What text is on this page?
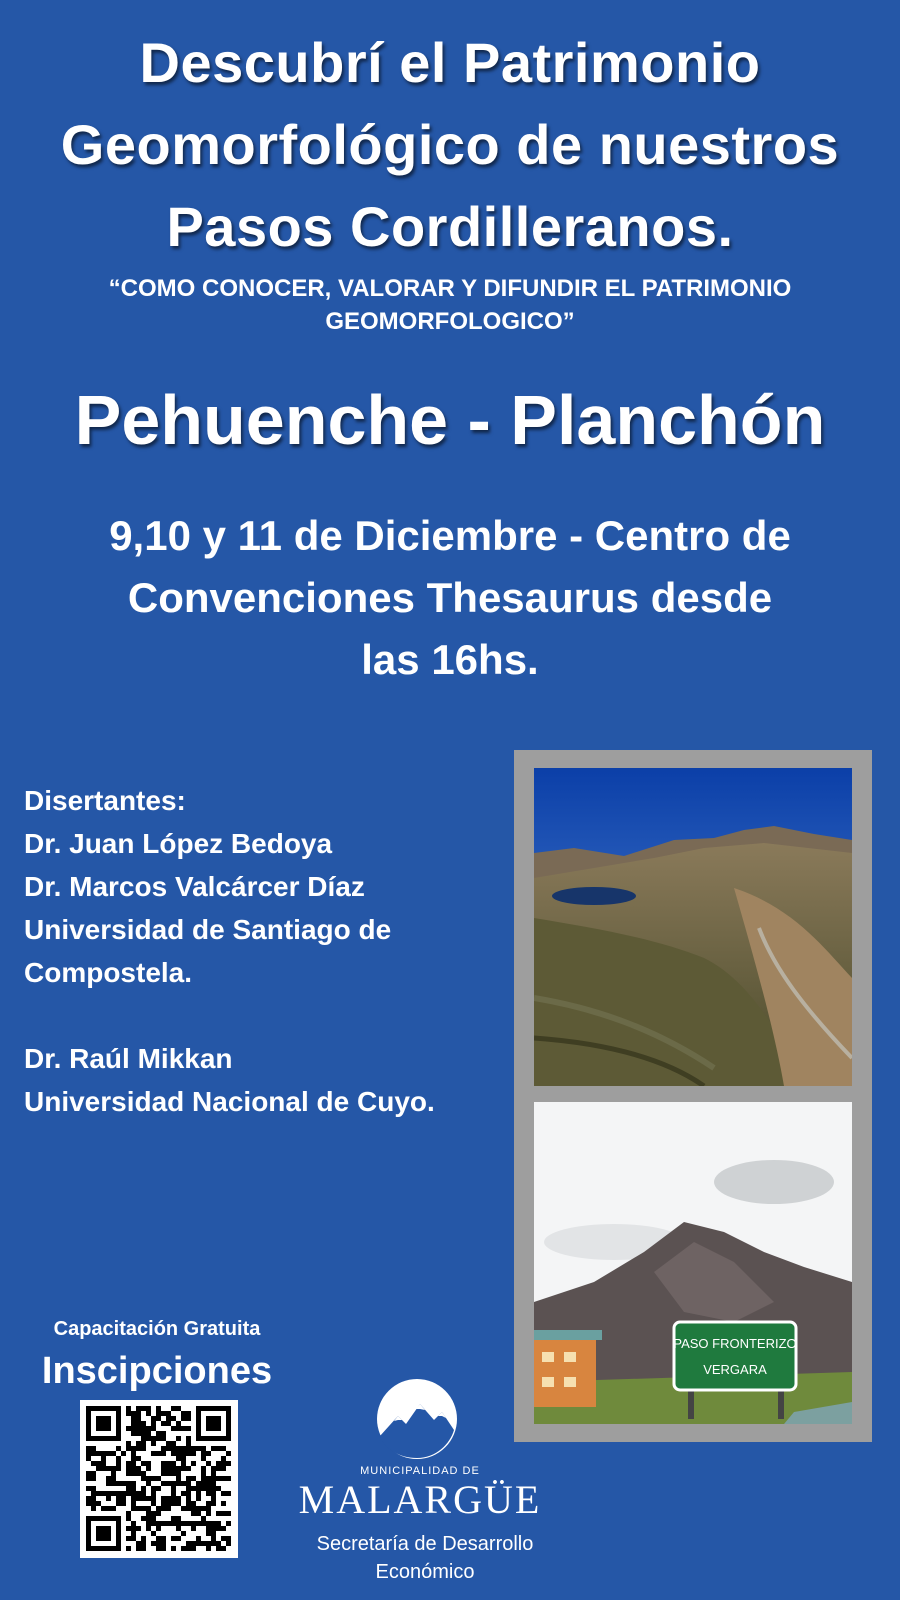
Descubrí el Patrimonio
Geomorfológico de nuestros
Pasos Cordilleranos.
“COMO CONOCER, VALORAR Y DIFUNDIR EL PATRIMONIO
GEOMORFOLOGICO”
Pehuenche - Planchón
9,10 y 11 de Diciembre - Centro de
Convenciones Thesaurus desde
las 16hs.
Disertantes:
Dr. Juan López Bedoya
Dr. Marcos Valcárcer Díaz
Universidad de Santiago de
Compostela.
Dr. Raúl Mikkan
Universidad Nacional de Cuyo.
PASO FRONTERIZO
VERGARA
Capacitación Gratuita
Inscipciones
MUNICIPALIDAD DE
MALARGÜE
Secretaría de Desarrollo
Económico
